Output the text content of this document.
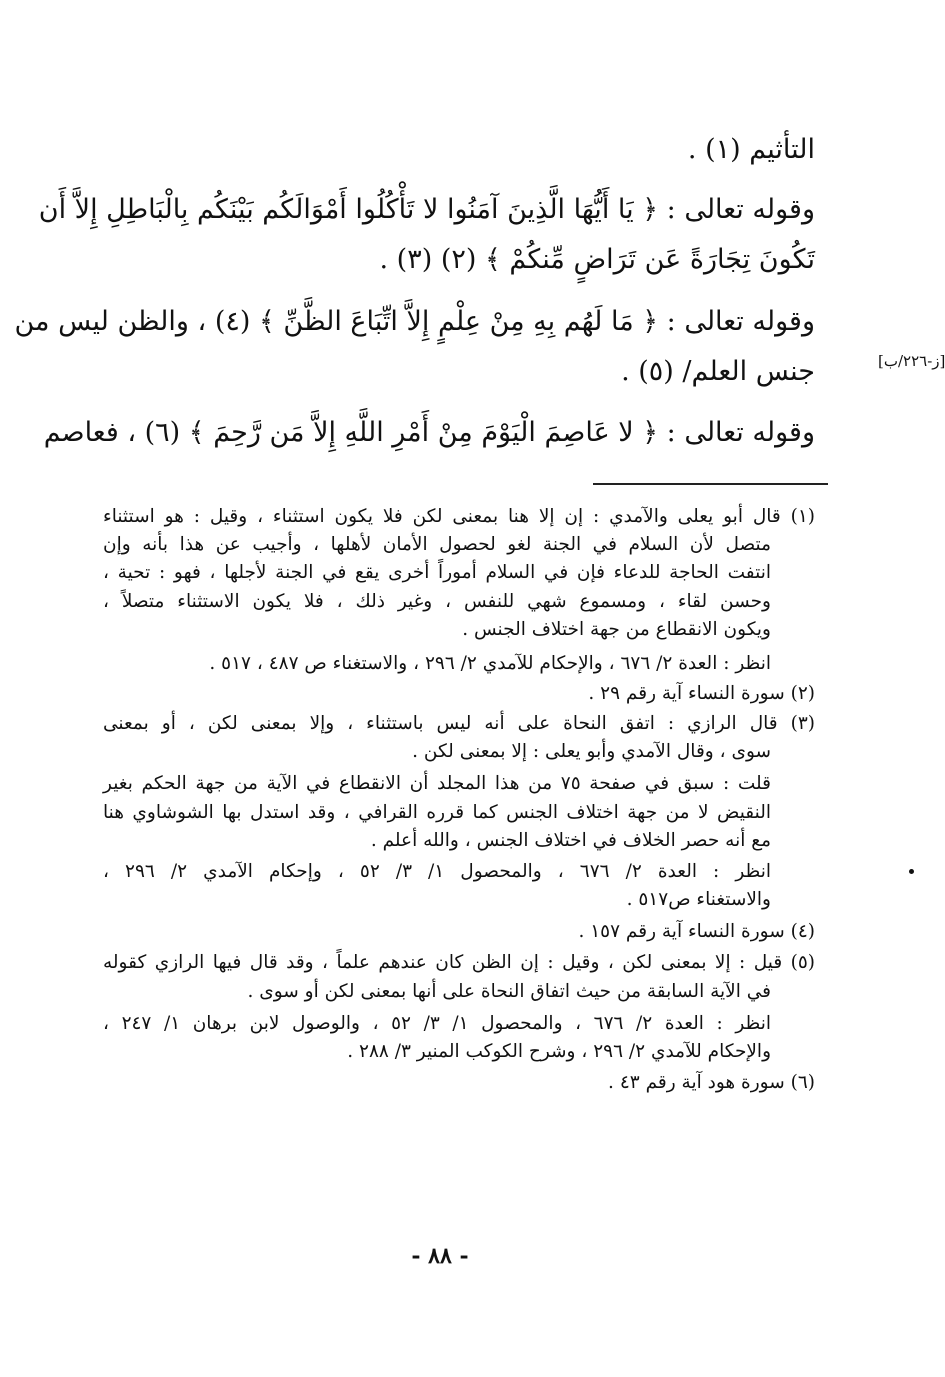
التأثيم (١) .
وقوله تعالى : ﴿ يَا أَيُّهَا الَّذِينَ آمَنُوا لا تَأْكُلُوا أَمْوَالَكُم بَيْنَكُم بِالْبَاطِلِ إِلاَّ أَن
تَكُونَ تِجَارَةً عَن تَرَاضٍ مِّنكُمْ ﴾ (٢) (٣) .
وقوله تعالى : ﴿ مَا لَهُم بِهِ مِنْ عِلْمٍ إِلاَّ اتِّبَاعَ الظَّنِّ ﴾ (٤) ، والظن ليس من
جنس العلم/ (٥) .
وقوله تعالى : ﴿ لا عَاصِمَ الْيَوْمَ مِنْ أَمْرِ اللَّهِ إِلاَّ مَن رَّحِمَ ﴾ (٦) ، فعاصم
[ز-٢٢٦/ب]
(١) قال أبو يعلى والآمدي : إن إلا هنا بمعنى لكن فلا يكون استثناء ، وقيل : هو استثناء
متصل لأن السلام في الجنة لغو لحصول الأمان لأهلها ، وأجيب عن هذا بأنه وإن
انتفت الحاجة للدعاء فإن في السلام أموراً أخرى يقع في الجنة لأجلها ، فهو : تحية ،
وحسن لقاء ، ومسموع شهي للنفس ، وغير ذلك ، فلا يكون الاستثناء متصلاً ،
ويكون الانقطاع من جهة اختلاف الجنس .
انظر : العدة ٢/ ٦٧٦ ، والإحكام للآمدي ٢/ ٢٩٦ ، والاستغناء ص ٤٨٧ ، ٥١٧ .
(٢) سورة النساء آية رقم ٢٩ .
(٣) قال الرازي : اتفق النحاة على أنه ليس باستثناء ، وإلا بمعنى لكن ، أو بمعنى
سوى ، وقال الآمدي وأبو يعلى : إلا بمعنى لكن .
قلت : سبق في صفحة ٧٥ من هذا المجلد أن الانقطاع في الآية من جهة الحكم بغير
النقيض لا من جهة اختلاف الجنس كما قرره القرافي ، وقد استدل بها الشوشاوي هنا
مع أنه حصر الخلاف في اختلاف الجنس ، والله أعلم .
انظر : العدة ٢/ ٦٧٦ ، والمحصول ١/ ٣/ ٥٢ ، وإحكام الآمدي ٢/ ٢٩٦ ،
والاستغناء ص٥١٧ .
(٤) سورة النساء آية رقم ١٥٧ .
(٥) قيل : إلا بمعنى لكن ، وقيل : إن الظن كان عندهم علماً ، وقد قال فيها الرازي كقوله
في الآية السابقة من حيث اتفاق النحاة على أنها بمعنى لكن أو سوى .
انظر : العدة ٢/ ٦٧٦ ، والمحصول ١/ ٣/ ٥٢ ، والوصول لابن برهان ١/ ٢٤٧ ،
والإحكام للآمدي ٢/ ٢٩٦ ، وشرح الكوكب المنير ٣/ ٢٨٨ .
(٦) سورة هود آية رقم ٤٣ .
- ٨٨ -
